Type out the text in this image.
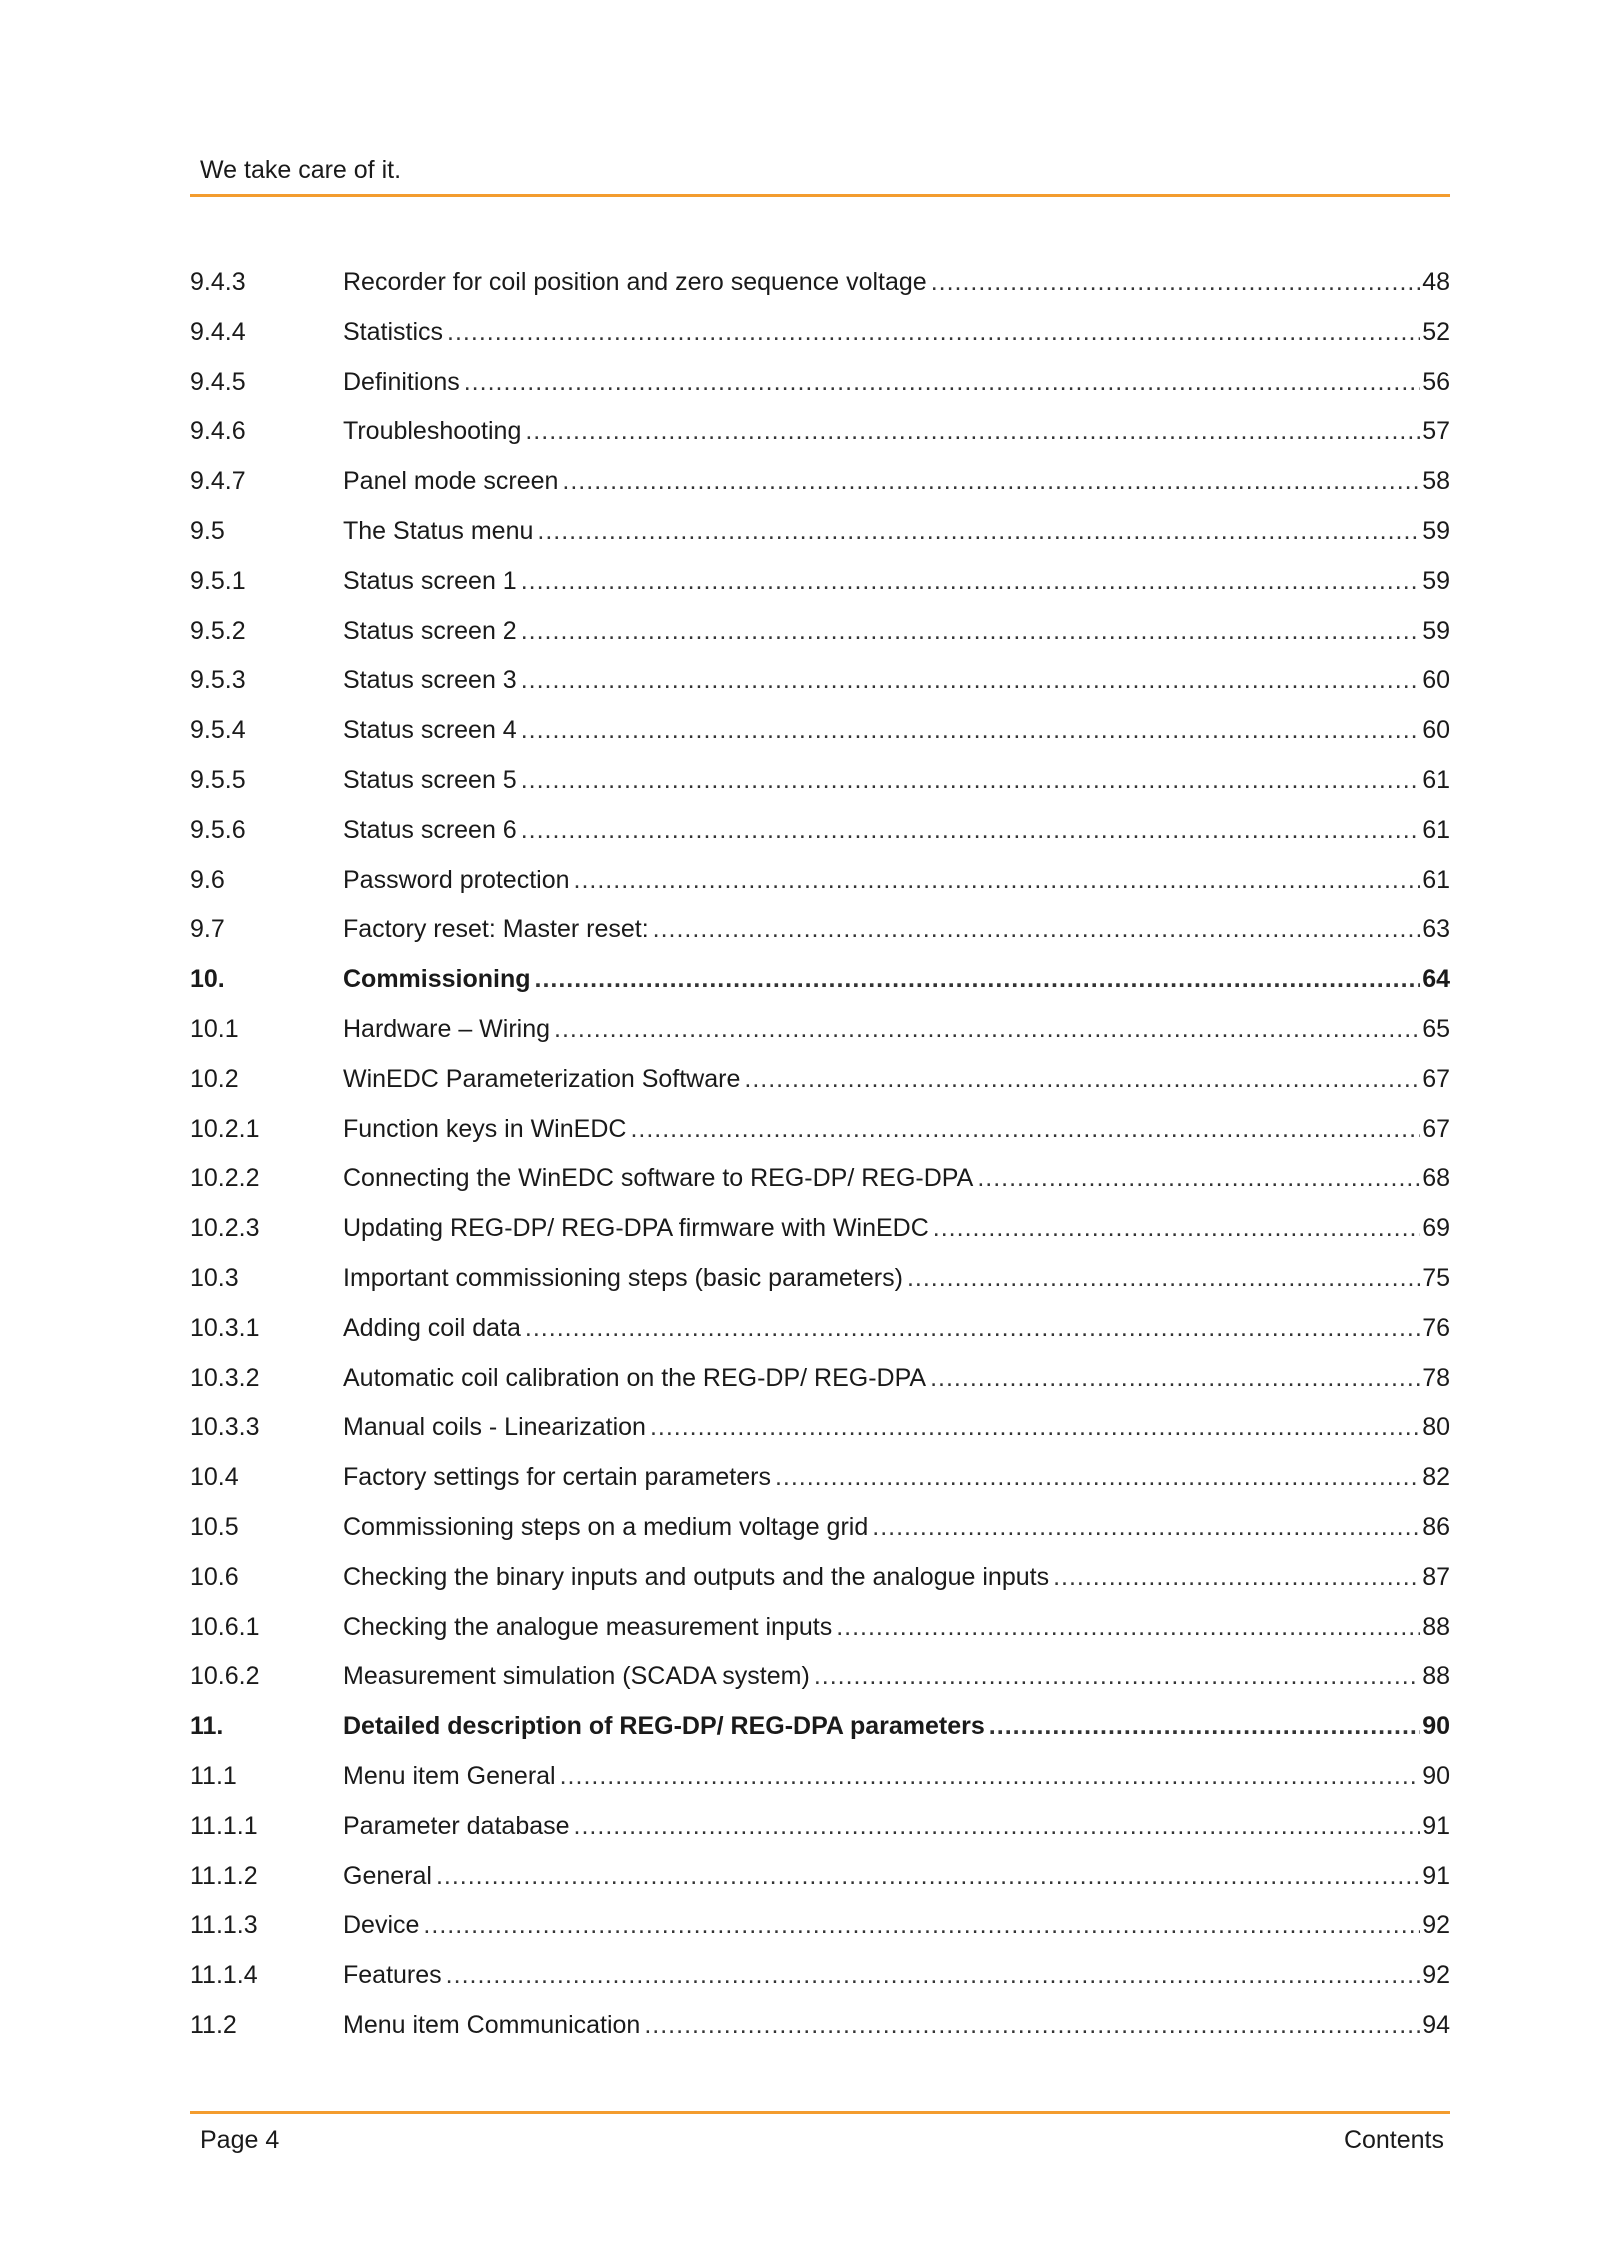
We take care of it.
9.4.3	Recorder for coil position and zero sequence voltage .....	48
9.4.4	Statistics .....	52
9.4.5	Definitions .....	56
9.4.6	Troubleshooting .....	57
9.4.7	Panel mode screen .....	58
9.5	The Status menu .....	59
9.5.1	Status screen 1 .....	59
9.5.2	Status screen 2 .....	59
9.5.3	Status screen 3 .....	60
9.5.4	Status screen 4 .....	60
9.5.5	Status screen 5 .....	61
9.5.6	Status screen 6 .....	61
9.6	Password protection .....	61
9.7	Factory reset: Master reset: .....	63
10.	Commissioning .....	64
10.1	Hardware – Wiring .....	65
10.2	WinEDC Parameterization Software .....	67
10.2.1	Function keys in WinEDC .....	67
10.2.2	Connecting the WinEDC software to REG-DP/ REG-DPA .....	68
10.2.3	Updating REG-DP/ REG-DPA firmware with WinEDC .....	69
10.3	Important commissioning steps (basic parameters) .....	75
10.3.1	Adding coil data .....	76
10.3.2	Automatic coil calibration on the REG-DP/ REG-DPA .....	78
10.3.3	Manual coils - Linearization .....	80
10.4	Factory settings for certain parameters .....	82
10.5	Commissioning steps on a medium voltage grid .....	86
10.6	Checking the binary inputs and outputs and the analogue inputs .....	87
10.6.1	Checking the analogue measurement inputs .....	88
10.6.2	Measurement simulation (SCADA system) .....	88
11.	Detailed description of REG-DP/ REG-DPA parameters .....	90
11.1	Menu item General .....	90
11.1.1	Parameter database .....	91
11.1.2	General .....	91
11.1.3	Device .....	92
11.1.4	Features .....	92
11.2	Menu item Communication .....	94
Page 4	Contents
